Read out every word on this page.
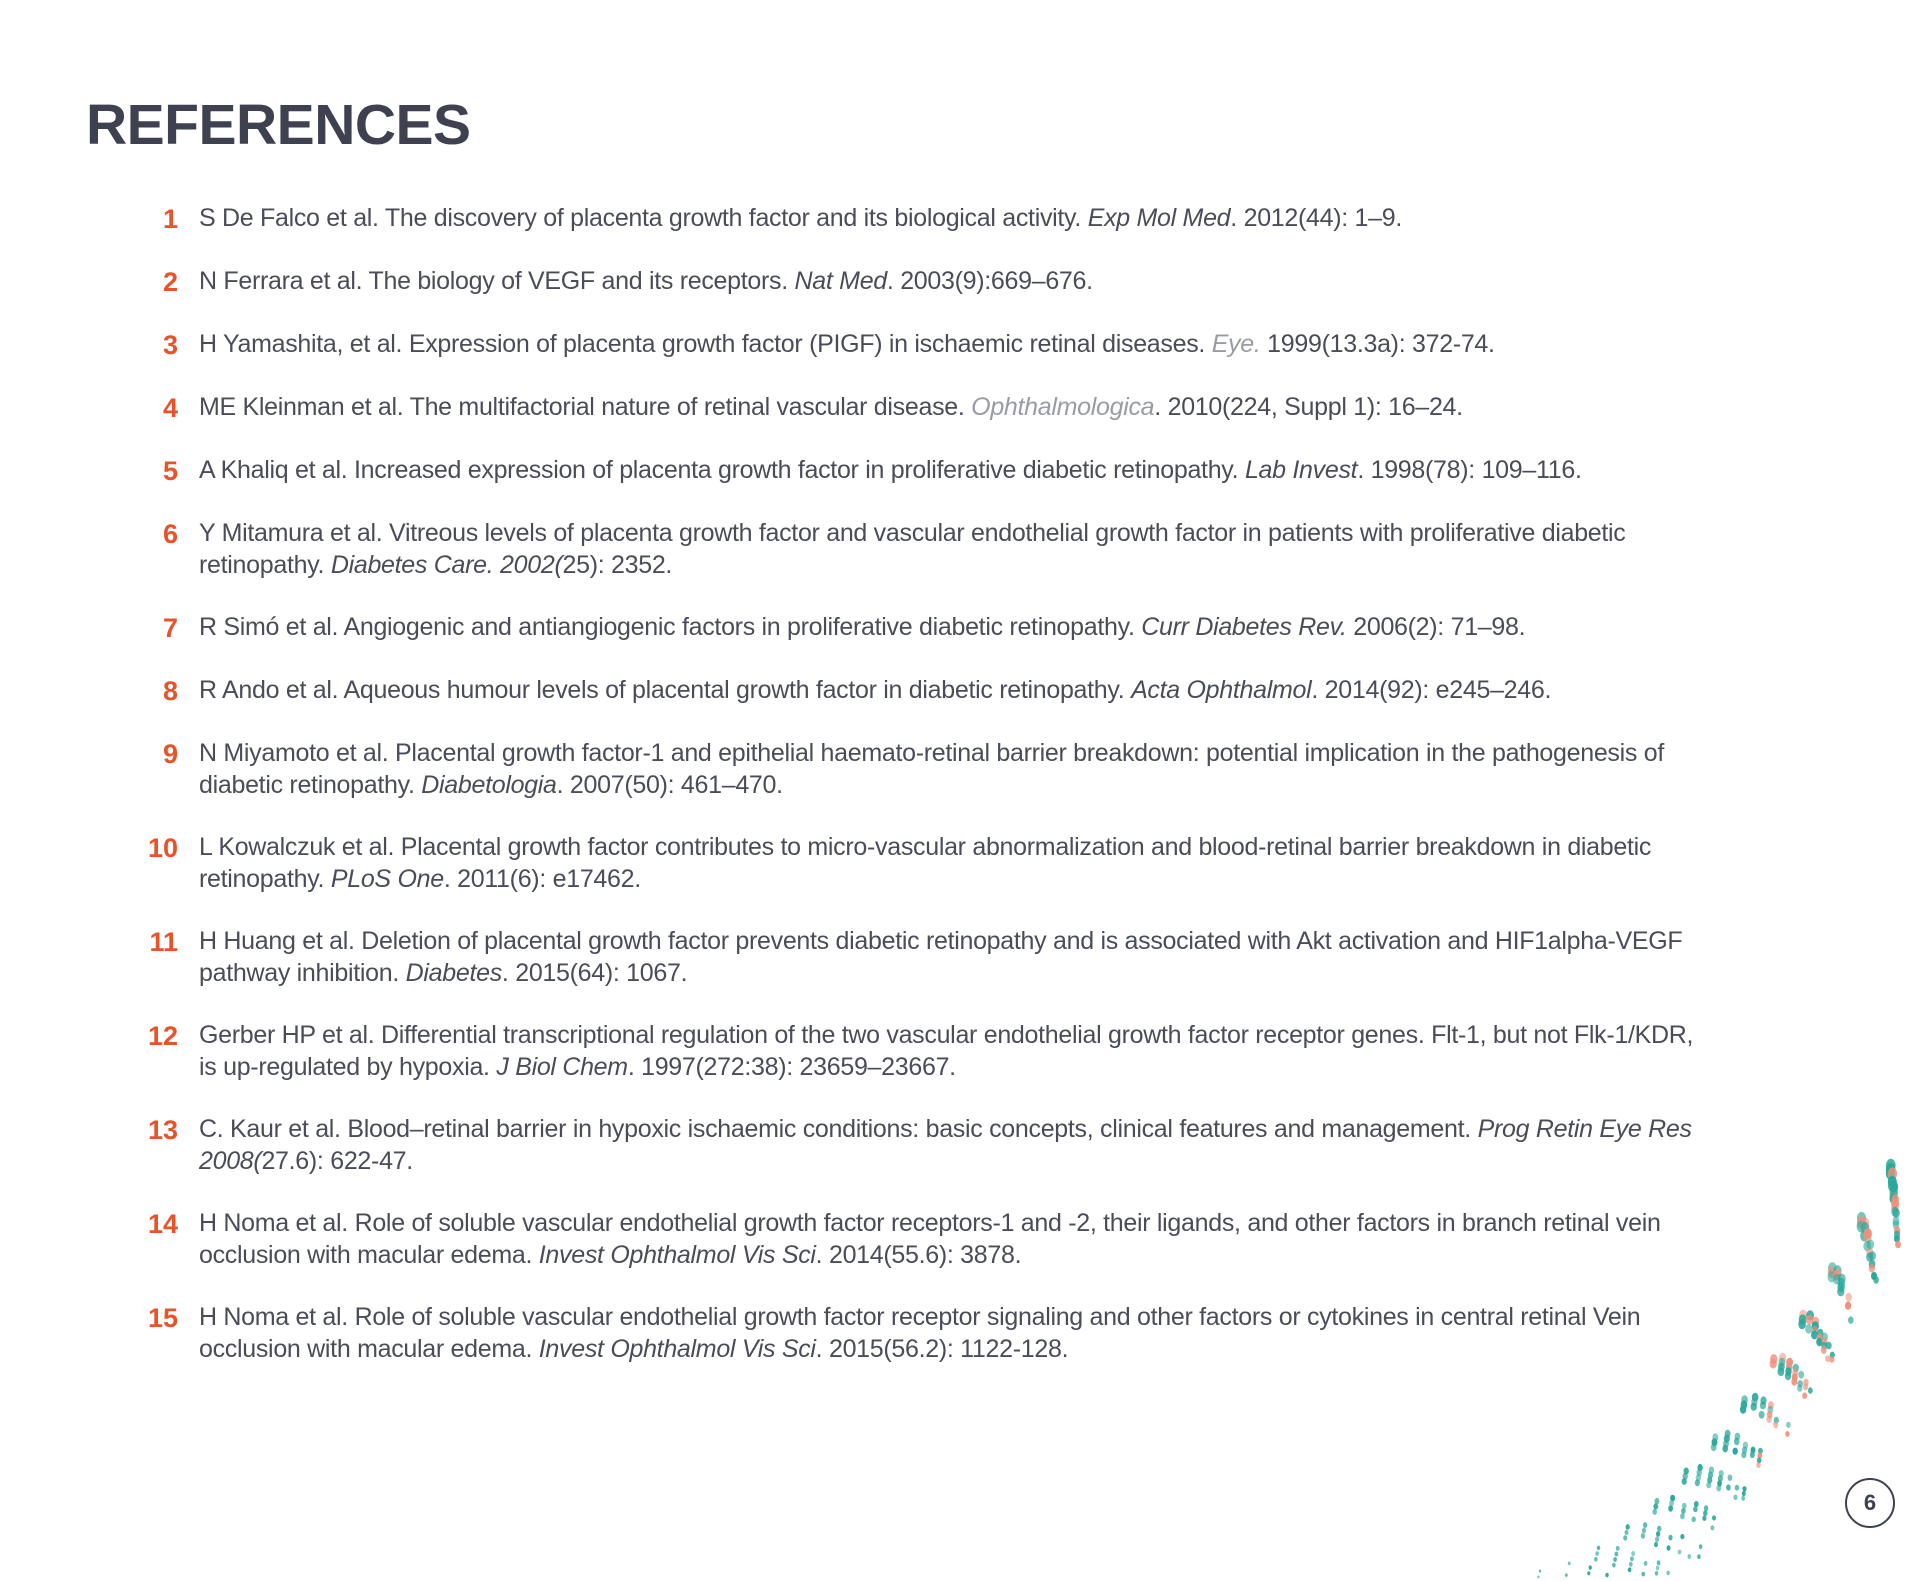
REFERENCES
1 S De Falco et al. The discovery of placenta growth factor and its biological activity. Exp Mol Med. 2012(44): 1–9.
2 N Ferrara et al. The biology of VEGF and its receptors. Nat Med. 2003(9):669–676.
3 H Yamashita, et al. Expression of placenta growth factor (PIGF) in ischaemic retinal diseases. Eye. 1999(13.3a): 372-74.
4 ME Kleinman et al. The multifactorial nature of retinal vascular disease. Ophthalmologica. 2010(224, Suppl 1): 16–24.
5 A Khaliq et al. Increased expression of placenta growth factor in proliferative diabetic retinopathy. Lab Invest. 1998(78): 109–116.
6 Y Mitamura et al. Vitreous levels of placenta growth factor and vascular endothelial growth factor in patients with proliferative diabetic retinopathy. Diabetes Care. 2002(25): 2352.
7 R Simó et al. Angiogenic and antiangiogenic factors in proliferative diabetic retinopathy. Curr Diabetes Rev. 2006(2): 71–98.
8 R Ando et al. Aqueous humour levels of placental growth factor in diabetic retinopathy. Acta Ophthalmol. 2014(92): e245–246.
9 N Miyamoto et al. Placental growth factor-1 and epithelial haemato-retinal barrier breakdown: potential implication in the pathogenesis of diabetic retinopathy. Diabetologia. 2007(50): 461–470.
10 L Kowalczuk et al. Placental growth factor contributes to micro-vascular abnormalization and blood-retinal barrier breakdown in diabetic retinopathy. PLoS One. 2011(6): e17462.
11 H Huang et al. Deletion of placental growth factor prevents diabetic retinopathy and is associated with Akt activation and HIF1alpha-VEGF pathway inhibition. Diabetes. 2015(64): 1067.
12 Gerber HP et al. Differential transcriptional regulation of the two vascular endothelial growth factor receptor genes. Flt-1, but not Flk-1/KDR, is up-regulated by hypoxia. J Biol Chem. 1997(272:38): 23659–23667.
13 C. Kaur et al. Blood–retinal barrier in hypoxic ischaemic conditions: basic concepts, clinical features and management. Prog Retin Eye Res 2008(27.6): 622-47.
14 H Noma et al. Role of soluble vascular endothelial growth factor receptors-1 and -2, their ligands, and other factors in branch retinal vein occlusion with macular edema. Invest Ophthalmol Vis Sci. 2014(55.6): 3878.
15 H Noma et al. Role of soluble vascular endothelial growth factor receptor signaling and other factors or cytokines in central retinal Vein occlusion with macular edema. Invest Ophthalmol Vis Sci. 2015(56.2): 1122-128.
6
